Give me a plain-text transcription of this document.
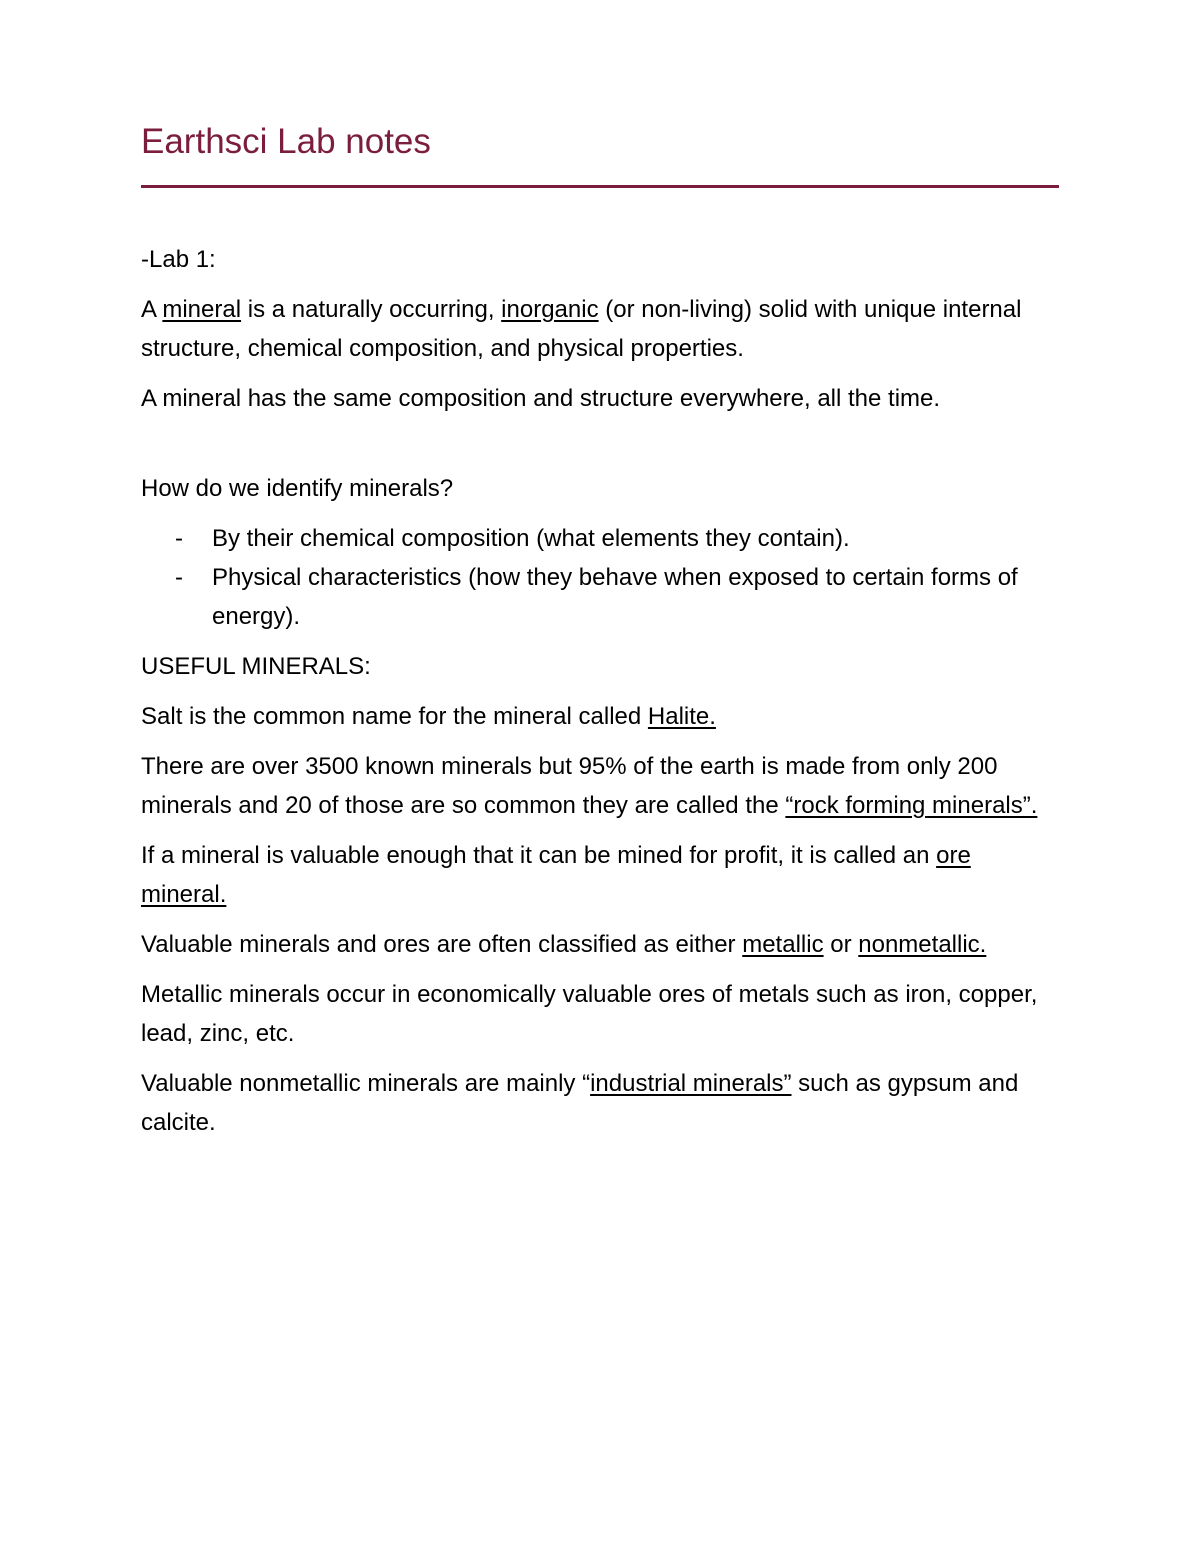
Earthsci Lab notes

-Lab 1:

A mineral is a naturally occurring, inorganic (or non-living) solid with unique internal structure, chemical composition, and physical properties.

A mineral has the same composition and structure everywhere, all the time.

How do we identify minerals?

- By their chemical composition (what elements they contain).
- Physical characteristics (how they behave when exposed to certain forms of energy).

USEFUL MINERALS:

Salt is the common name for the mineral called Halite.

There are over 3500 known minerals but 95% of the earth is made from only 200 minerals and 20 of those are so common they are called the “rock forming minerals”.

If a mineral is valuable enough that it can be mined for profit, it is called an ore mineral.

Valuable minerals and ores are often classified as either metallic or nonmetallic.

Metallic minerals occur in economically valuable ores of metals such as iron, copper, lead, zinc, etc.

Valuable nonmetallic minerals are mainly “industrial minerals” such as gypsum and calcite.
